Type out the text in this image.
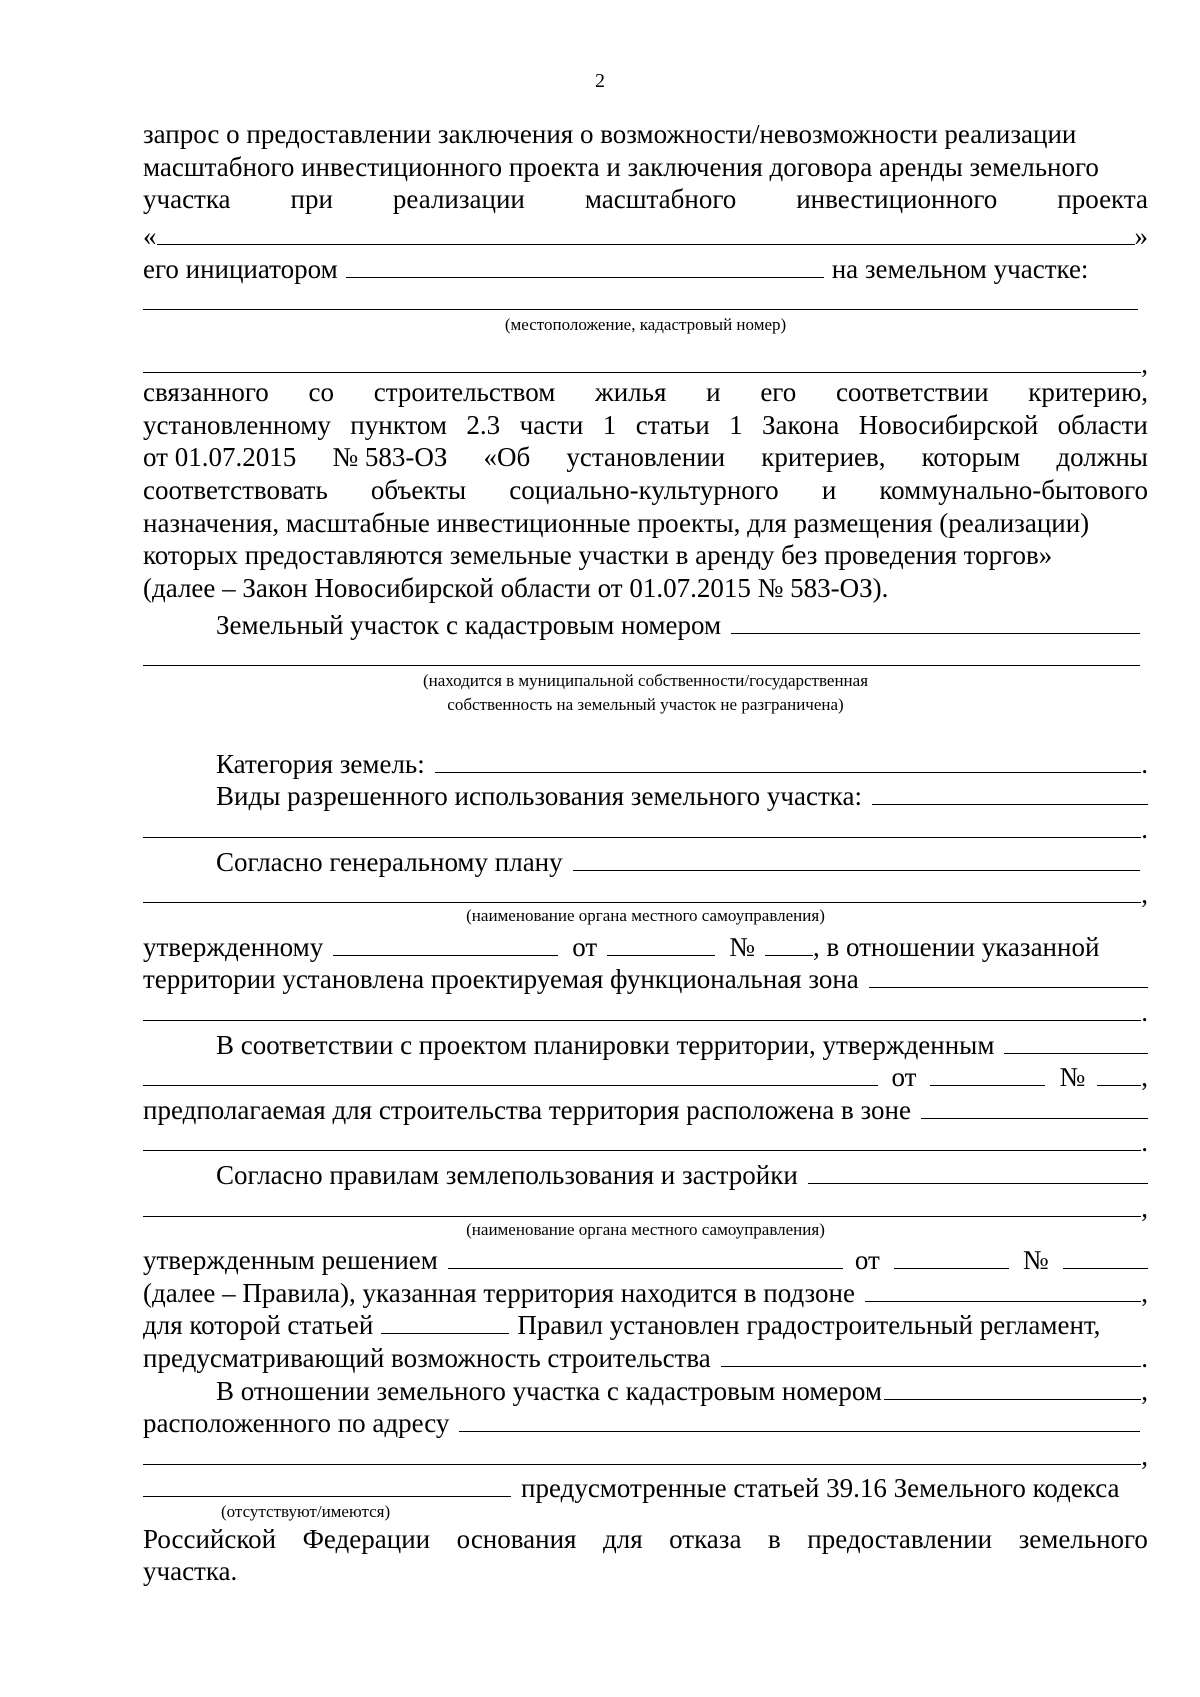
2
запрос о предоставлении заключения о возможности/невозможности реализации
масштабного инвестиционного проекта и заключения договора аренды земельного
участка при реализации масштабного инвестиционного проекта
«	»
его инициатором	на земельном участке:
(местоположение, кадастровый номер)
,
связанного со строительством жилья и его соответствии критерию,
установленному пунктом 2.3 части 1 статьи 1 Закона Новосибирской области
от 01.07.2015 № 583-ОЗ «Об установлении критериев, которым должны
соответствовать объекты социально-культурного и коммунально-бытового
назначения, масштабные инвестиционные проекты, для размещения (реализации)
которых предоставляются земельные участки в аренду без проведения торгов»
(далее – Закон Новосибирской области от 01.07.2015 № 583-ОЗ).
Земельный участок с кадастровым номером
(находится в муниципальной собственности/государственная
собственность на земельный участок не разграничена)
Категория земель:	.
Виды разрешенного использования земельного участка:
.
Согласно генеральному плану
,
(наименование органа местного самоуправления)
утвержденному	от	№ , в отношении указанной
территории установлена проектируемая функциональная зона
.
В соответствии с проектом планировки территории, утвержденным
от	№ ,
предполагаемая для строительства территория расположена в зоне
.
Согласно правилам землепользования и застройки
,
(наименование органа местного самоуправления)
утвержденным решением	от	№
(далее – Правила), указанная территория находится в подзоне	,
для которой статьей	Правил установлен градостроительный регламент,
предусматривающий возможность строительства	.
В отношении земельного участка с кадастровым номером	,
расположенного по адресу
,
предусмотренные статьей 39.16 Земельного кодекса
(отсутствуют/имеются)
Российской Федерации основания для отказа в предоставлении земельного
участка.
